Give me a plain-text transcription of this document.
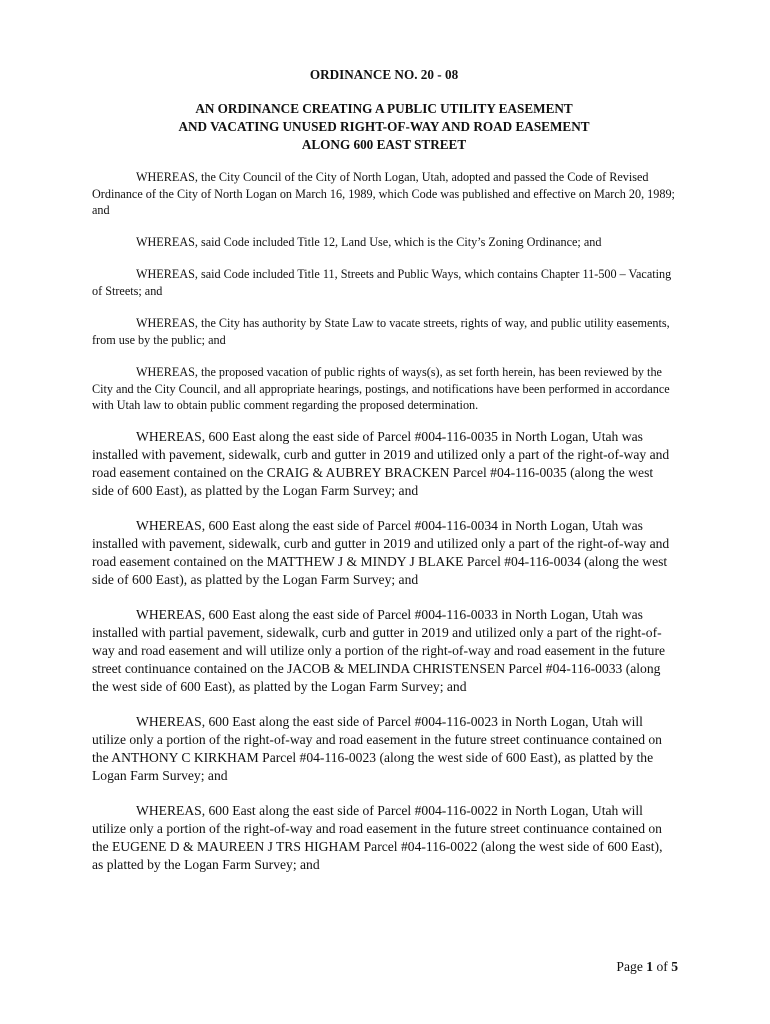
ORDINANCE NO. 20 - 08

AN ORDINANCE CREATING A PUBLIC UTILITY EASEMENT
AND VACATING UNUSED RIGHT-OF-WAY AND ROAD EASEMENT
ALONG 600 EAST STREET

WHEREAS, the City Council of the City of North Logan, Utah, adopted and passed the Code of Revised Ordinance of the City of North Logan on March 16, 1989, which Code was published and effective on March 20, 1989; and

WHEREAS, said Code included Title 12, Land Use, which is the City’s Zoning Ordinance; and

WHEREAS, said Code included Title 11, Streets and Public Ways, which contains Chapter 11-500 – Vacating of Streets; and

WHEREAS, the City has authority by State Law to vacate streets, rights of way, and public utility easements, from use by the public; and

WHEREAS, the proposed vacation of public rights of ways(s), as set forth herein, has been reviewed by the City and the City Council, and all appropriate hearings, postings, and notifications have been performed in accordance with Utah law to obtain public comment regarding the proposed determination.

WHEREAS, 600 East along the east side of Parcel #004-116-0035 in North Logan, Utah was installed with pavement, sidewalk, curb and gutter in 2019 and utilized only a part of the right-of-way and road easement contained on the CRAIG & AUBREY BRACKEN Parcel #04-116-0035 (along the west side of 600 East), as platted by the Logan Farm Survey; and

WHEREAS, 600 East along the east side of Parcel #004-116-0034 in North Logan, Utah was installed with pavement, sidewalk, curb and gutter in 2019 and utilized only a part of the right-of-way and road easement contained on the MATTHEW J & MINDY J BLAKE Parcel #04-116-0034 (along the west side of 600 East), as platted by the Logan Farm Survey; and

WHEREAS, 600 East along the east side of Parcel #004-116-0033 in North Logan, Utah was installed with partial pavement, sidewalk, curb and gutter in 2019 and utilized only a part of the right-of-way and road easement and will utilize only a portion of the right-of-way and road easement in the future street continuance contained on the JACOB & MELINDA CHRISTENSEN Parcel #04-116-0033 (along the west side of 600 East), as platted by the Logan Farm Survey; and

WHEREAS, 600 East along the east side of Parcel #004-116-0023 in North Logan, Utah will utilize only a portion of the right-of-way and road easement in the future street continuance contained on the ANTHONY C KIRKHAM Parcel #04-116-0023 (along the west side of 600 East), as platted by the Logan Farm Survey; and

WHEREAS, 600 East along the east side of Parcel #004-116-0022 in North Logan, Utah will utilize only a portion of the right-of-way and road easement in the future street continuance contained on the EUGENE D & MAUREEN J TRS HIGHAM Parcel #04-116-0022 (along the west side of 600 East), as platted by the Logan Farm Survey; and

Page 1 of 5
